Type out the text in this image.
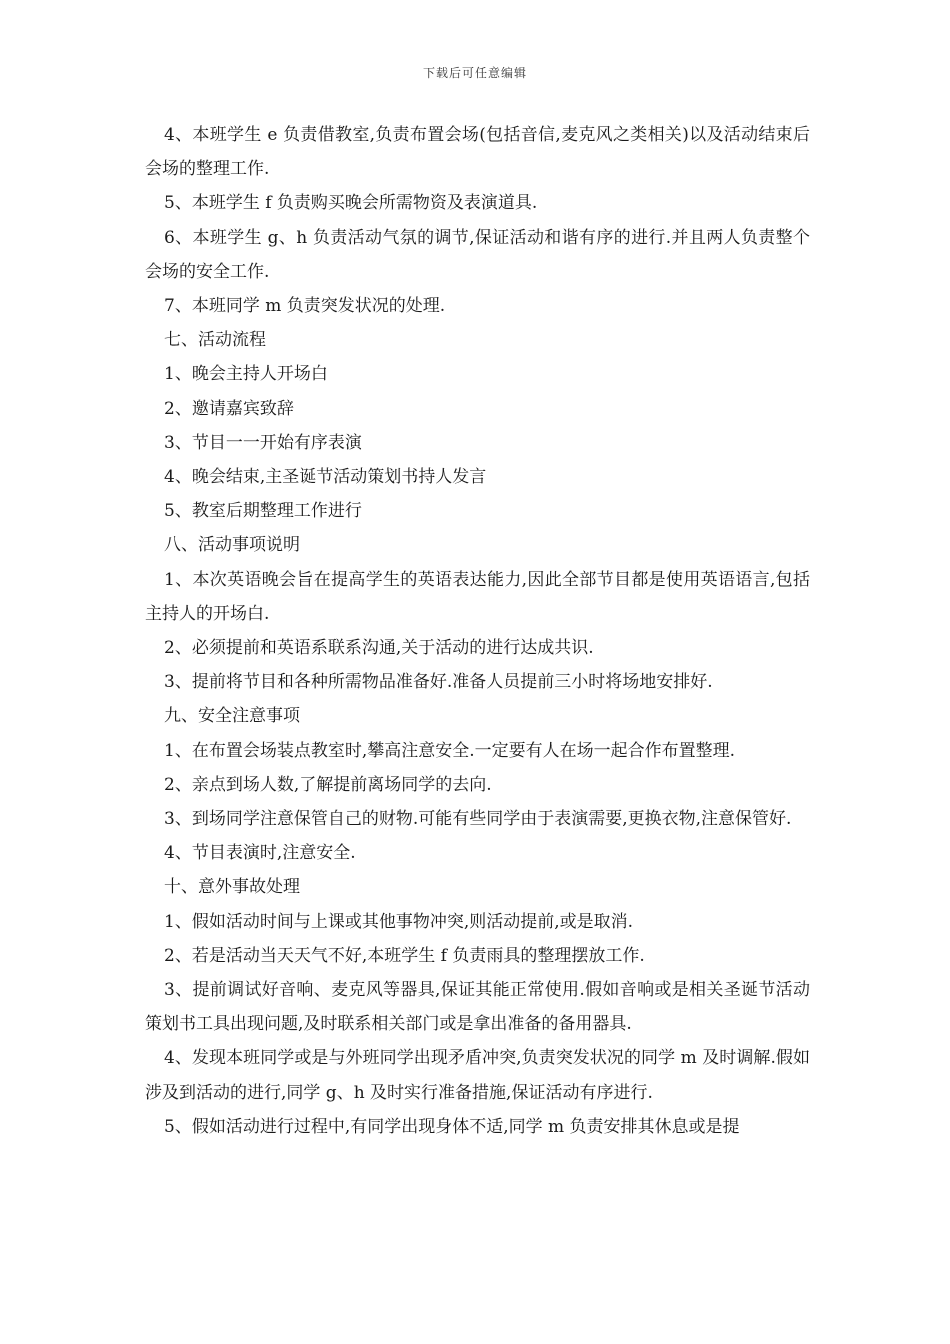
下载后可任意编辑

4、本班学生 e 负责借教室,负责布置会场(包括音信,麦克风之类相关)以及活动结束后会场的整理工作.

5、本班学生 f 负责购买晚会所需物资及表演道具.

6、本班学生 g、h 负责活动气氛的调节,保证活动和谐有序的进行.并且两人负责整个会场的安全工作.

7、本班同学 m 负责突发状况的处理.

七、活动流程

1、晚会主持人开场白

2、邀请嘉宾致辞

3、节目一一开始有序表演

4、晚会结束,主圣诞节活动策划书持人发言

5、教室后期整理工作进行

八、活动事项说明

1、本次英语晚会旨在提高学生的英语表达能力,因此全部节目都是使用英语语言,包括主持人的开场白.

2、必须提前和英语系联系沟通,关于活动的进行达成共识.

3、提前将节目和各种所需物品准备好.准备人员提前三小时将场地安排好.

九、安全注意事项

1、在布置会场装点教室时,攀高注意安全.一定要有人在场一起合作布置整理.

2、亲点到场人数,了解提前离场同学的去向.

3、到场同学注意保管自己的财物.可能有些同学由于表演需要,更换衣物,注意保管好.

4、节目表演时,注意安全.

十、意外事故处理

1、假如活动时间与上课或其他事物冲突,则活动提前,或是取消.

2、若是活动当天天气不好,本班学生 f 负责雨具的整理摆放工作.

3、提前调试好音响、麦克风等器具,保证其能正常使用.假如音响或是相关圣诞节活动策划书工具出现问题,及时联系相关部门或是拿出准备的备用器具.

4、发现本班同学或是与外班同学出现矛盾冲突,负责突发状况的同学 m 及时调解.假如涉及到活动的进行,同学 g、h 及时实行准备措施,保证活动有序进行.

5、假如活动进行过程中,有同学出现身体不适,同学 m 负责安排其休息或是提
